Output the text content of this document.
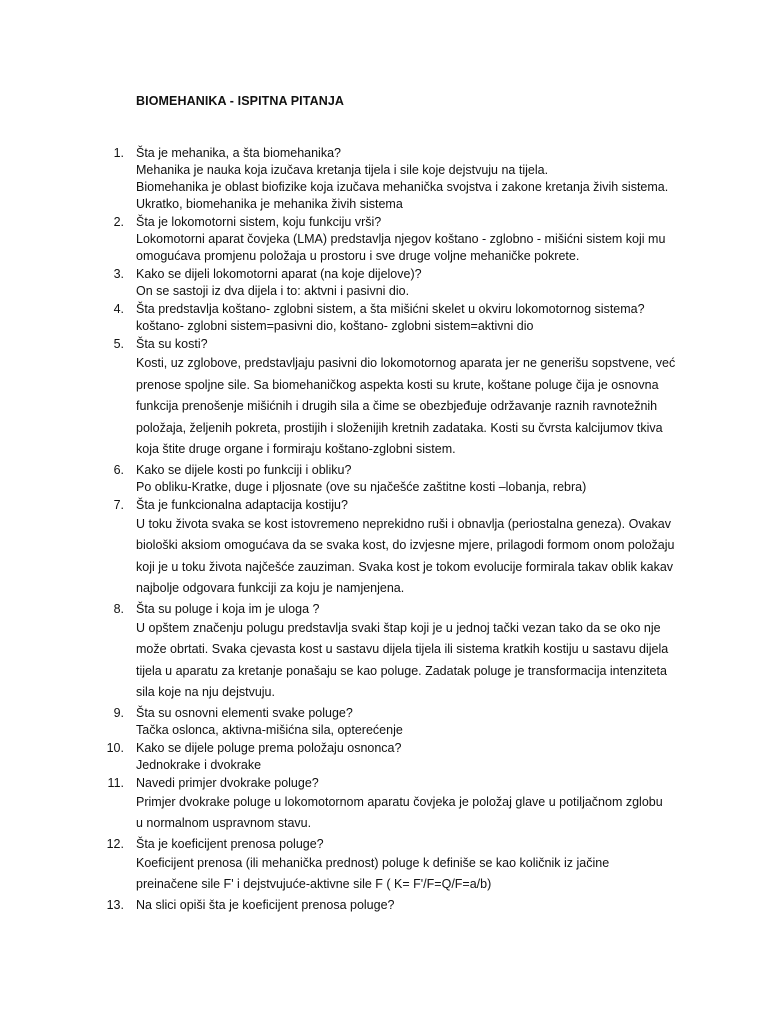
BIOMEHANIKA - ISPITNA PITANJA
1. Šta je mehanika, a šta biomehanika?
Mehanika je nauka koja izučava kretanja tijela i sile koje dejstvuju na tijela.
Biomehanika je oblast biofizike koja izučava mehanička svojstva i zakone kretanja živih sistema.
Ukratko, biomehanika je mehanika živih sistema
2. Šta je lokomotorni sistem, koju funkciju vrši?
Lokomotorni aparat čovjeka (LMA) predstavlja njegov koštano - zglobno - mišićni sistem koji mu
omogućava promjenu položaja u prostoru i sve druge voljne mehaničke pokrete.
3. Kako se dijeli lokomotorni aparat (na koje dijelove)?
On se sastoji iz dva dijela i to: aktvni i pasivni dio.
4. Šta predstavlja koštano- zglobni sistem, a šta mišićni skelet u okviru lokomotornog sistema?
koštano- zglobni sistem=pasivni dio, koštano- zglobni sistem=aktivni dio
5. Šta su kosti?
Kosti, uz zglobove, predstavljaju pasivni dio lokomotornog aparata jer ne generišu sopstvene, već
prenose spoljne sile. Sa biomehaničkog aspekta kosti su krute, koštane poluge čija je osnovna
funkcija prenošenje mišićnih i drugih sila a čime se obezbjeđuje održavanje raznih ravnotežnih
položaja, željenih pokreta, prostijih i složenijih kretnih zadataka. Kosti su čvrsta kalcijumov tkiva
koja štite druge organe i formiraju koštano-zglobni sistem.
6. Kako se dijele kosti po funkciji i obliku?
Po obliku-Kratke, duge i pljosnate (ove su njačešće zaštitne kosti –lobanja, rebra)
7. Šta je funkcionalna adaptacija kostiju?
U toku života svaka se kost istovremeno neprekidno ruši i obnavlja (periostalna geneza). Ovakav
biološki aksiom omogućava da se svaka kost, do izvjesne mjere, prilagodi formom onom položaju
koji je u toku života najčešće zauziman. Svaka kost je tokom evolucije formirala takav oblik kakav
najbolje odgovara funkciji za koju je namjenjena.
8. Šta su poluge i koja im je uloga ?
U opštem značenju polugu predstavlja svaki štap koji je u jednoj tački vezan tako da se oko nje
može obrtati. Svaka cjevasta kost u sastavu dijela tijela ili sistema kratkih kostiju u sastavu dijela
tijela u aparatu za kretanje ponašaju se kao poluge. Zadatak poluge je transformacija intenziteta
sila koje na nju dejstvuju.
9. Šta su osnovni elementi svake poluge?
Tačka oslonca, aktivna-mišićna sila, opterećenje
10. Kako se dijele poluge prema položaju osnonca?
Jednokrake i dvokrake
11. Navedi primjer dvokrake poluge?
Primjer dvokrake poluge u lokomotornom aparatu čovjeka je položaj glave u potiljačnom zglobu
u normalnom uspravnom stavu.
12. Šta je koeficijent prenosa poluge?
Koeficijent prenosa (ili mehanička prednost) poluge k definiše se kao količnik iz jačine
preinačene sile F' i dejstvujuće-aktivne sile F ( K= F'/F=Q/F=a/b)
13. Na slici opiši šta je koeficijent prenosa poluge?
